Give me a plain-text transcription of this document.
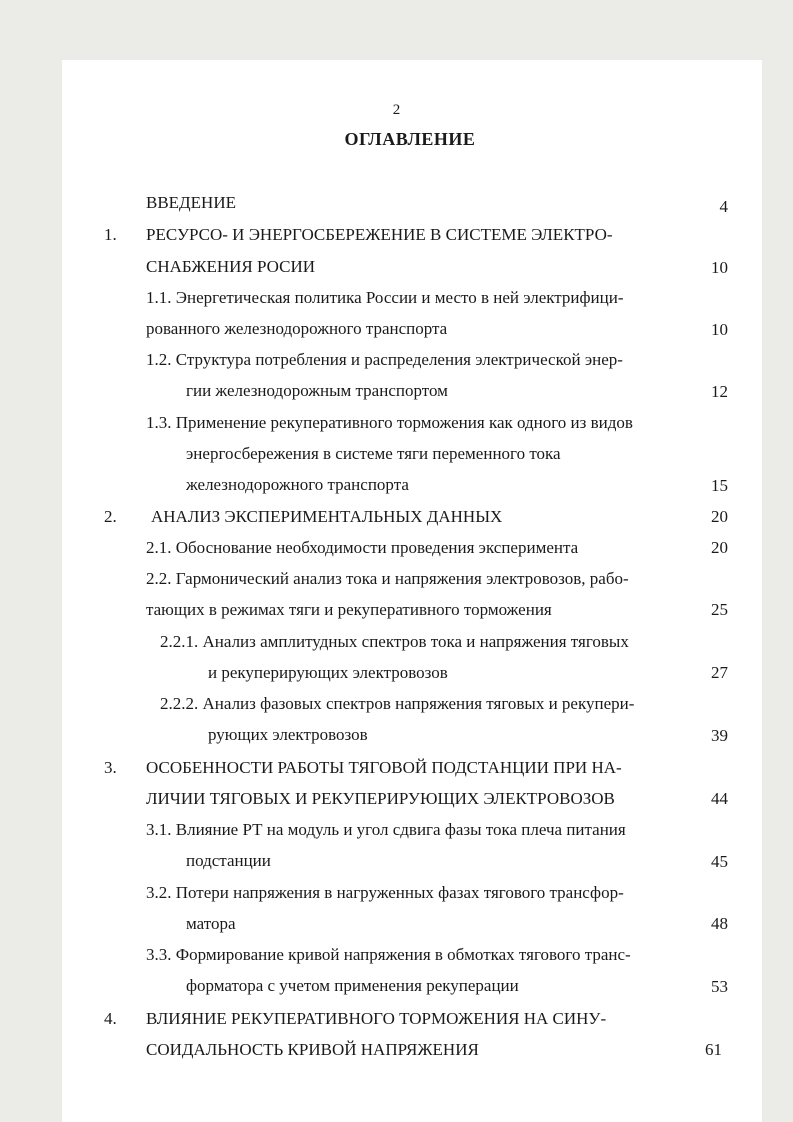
2
ОГЛАВЛЕНИЕ
ВВЕДЕНИЕ	4
1. РЕСУРСО- И ЭНЕРГОСБЕРЕЖЕНИЕ В СИСТЕМЕ ЭЛЕКТРО-
СНАБЖЕНИЯ РОСИИ	10
1.1. Энергетическая политика России и место в ней электрифици-
рованного железнодорожного транспорта	10
1.2. Структура потребления и распределения электрической энер-
гии железнодорожным транспортом	12
1.3. Применение рекуперативного торможения как одного из видов
энергосбережения в системе тяги переменного тока
железнодорожного транспорта	15
2. АНАЛИЗ ЭКСПЕРИМЕНТАЛЬНЫХ ДАННЫХ	20
2.1. Обоснование необходимости проведения эксперимента	20
2.2. Гармонический анализ тока и напряжения электровозов, рабо-
тающих в режимах тяги и рекуперативного торможения	25
2.2.1. Анализ амплитудных спектров тока и напряжения тяговых
и рекуперирующих электровозов	27
2.2.2. Анализ фазовых спектров напряжения тяговых и рекупери-
рующих электровозов	39
3. ОСОБЕННОСТИ РАБОТЫ ТЯГОВОЙ ПОДСТАНЦИИ ПРИ НА-
ЛИЧИИ ТЯГОВЫХ И РЕКУПЕРИРУЮЩИХ ЭЛЕКТРОВОЗОВ	44
3.1. Влияние РТ на модуль и угол сдвига фазы тока плеча питания
подстанции	45
3.2. Потери напряжения в нагруженных фазах тягового трансфор-
матора	48
3.3. Формирование кривой напряжения в обмотках тягового транс-
форматора с учетом применения рекуперации	53
4. ВЛИЯНИЕ РЕКУПЕРАТИВНОГО ТОРМОЖЕНИЯ НА СИНУ-
СОИДАЛЬНОСТЬ КРИВОЙ НАПРЯЖЕНИЯ	61
